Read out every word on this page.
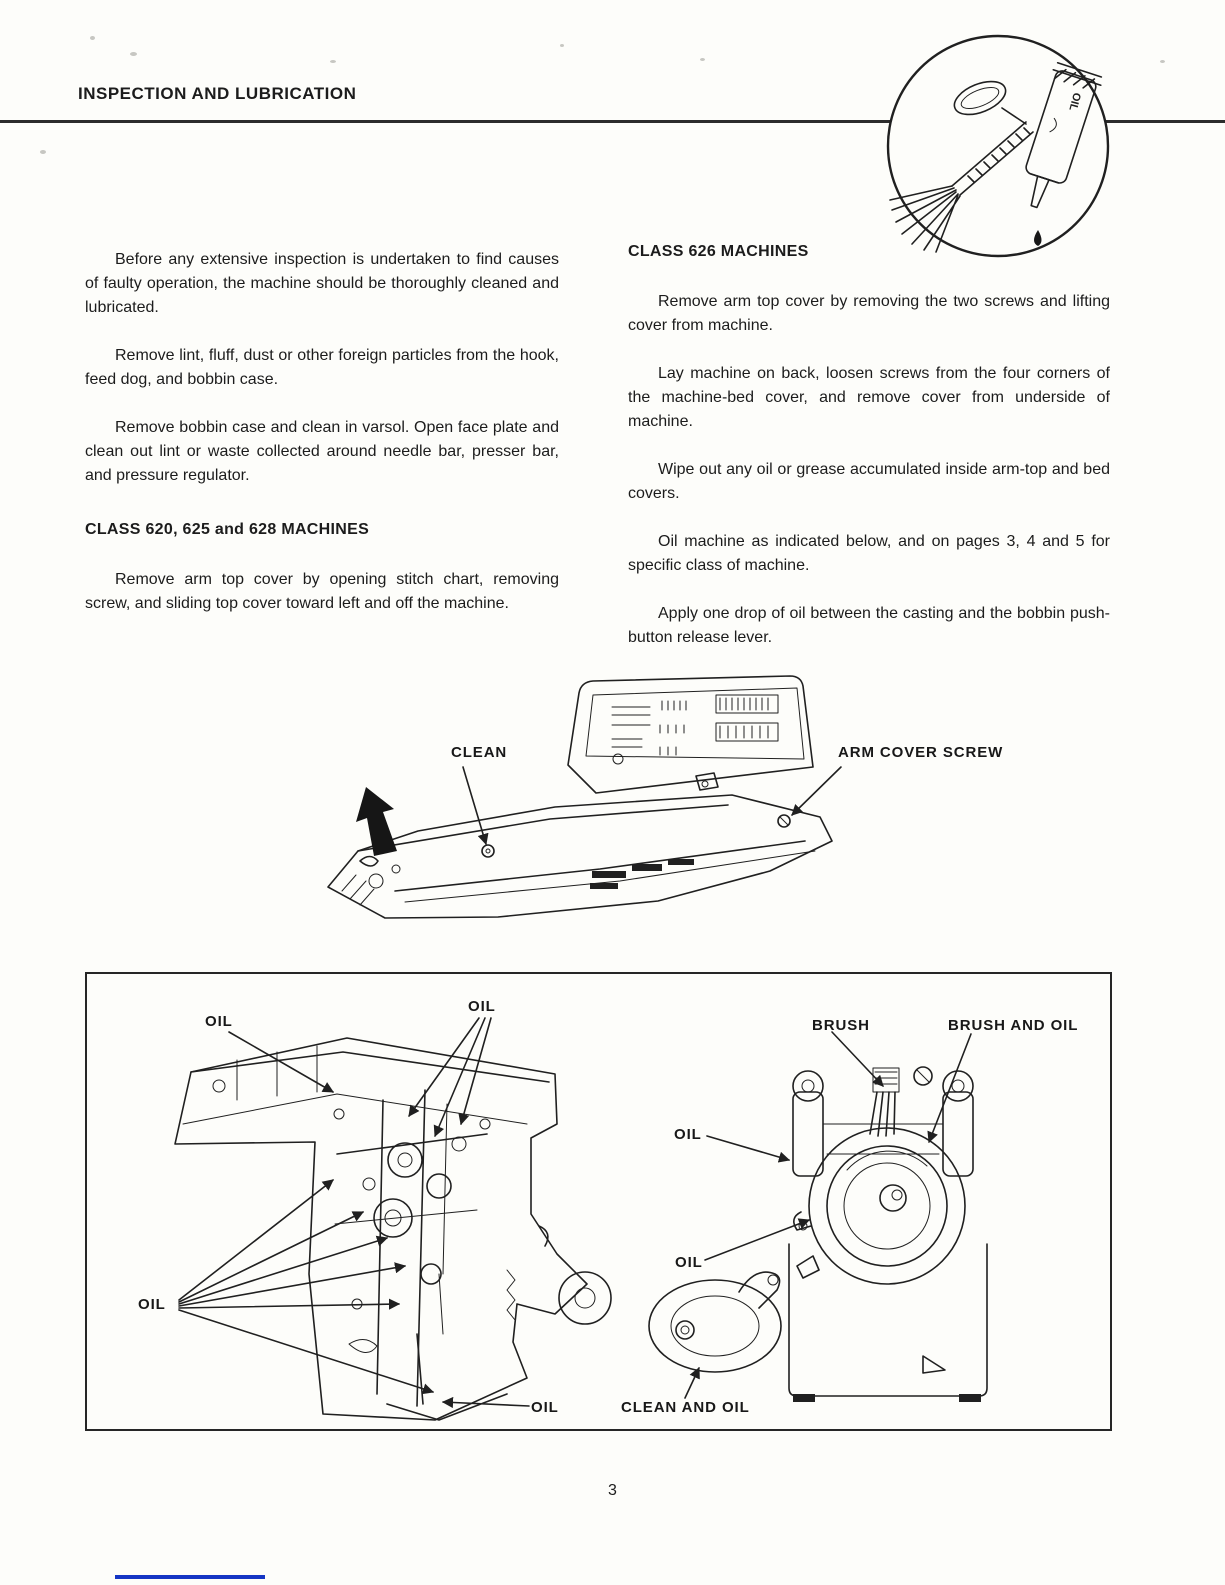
INSPECTION AND LUBRICATION	OIL

Before any extensive inspection is undertaken to find causes of faulty operation, the machine should be thoroughly cleaned and lubricated.

Remove lint, fluff, dust or other foreign particles from the hook, feed dog, and bobbin case.

Remove bobbin case and clean in varsol. Open face plate and clean out lint or waste collected around needle bar, presser bar, and pressure regulator.

CLASS 620, 625 and 628 MACHINES

Remove arm top cover by opening stitch chart, removing screw, and sliding top cover toward left and off the machine.

CLASS 626 MACHINES

Remove arm top cover by removing the two screws and lifting cover from machine.

Lay machine on back, loosen screws from the four corners of the machine-bed cover, and remove cover from underside of machine.

Wipe out any oil or grease accumulated inside arm-top and bed covers.

Oil machine as indicated below, and on pages 3, 4 and 5 for specific class of machine.

Apply one drop of oil between the casting and the bobbin push-button release lever.

CLEAN	ARM COVER SCREW
OIL
OIL
OIL
OIL
BRUSH	BRUSH AND OIL
OIL
OIL
CLEAN AND OIL
3
